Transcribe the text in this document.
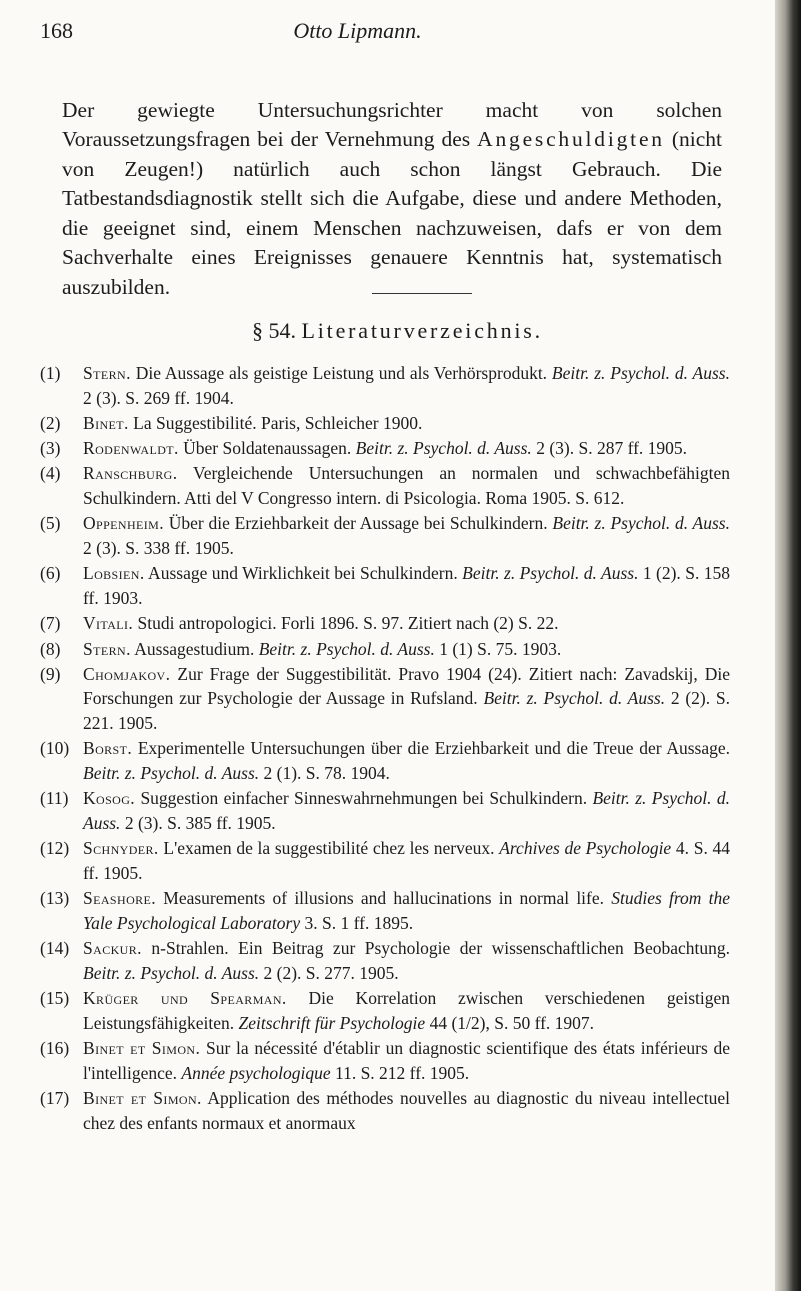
168	Otto Lipmann.

Der gewiegte Untersuchungsrichter macht von solchen Voraussetzungsfragen bei der Vernehmung des Angeschuldigten (nicht von Zeugen!) natürlich auch schon längst Gebrauch. Die Tatbestandsdiagnostik stellt sich die Aufgabe, diese und andere Methoden, die geeignet sind, einem Menschen nachzuweisen, dafs er von dem Sachverhalte eines Ereignisses genauere Kenntnis hat, systematisch auszubilden.

§ 54. Literaturverzeichnis.
(1) Stern. Die Aussage als geistige Leistung und als Verhörsprodukt. Beitr. z. Psychol. d. Auss. 2 (3). S. 269 ff. 1904.
(2) Binet. La Suggestibilité. Paris, Schleicher 1900.
(3) Rodenwaldt. Über Soldatenaussagen. Beitr. z. Psychol. d. Auss. 2 (3). S. 287 ff. 1905.
(4) Ranschburg. Vergleichende Untersuchungen an normalen und schwachbefähigten Schulkindern. Atti del V Congresso intern. di Psicologia. Roma 1905. S. 612.
(5) Oppenheim. Über die Erziehbarkeit der Aussage bei Schulkindern. Beitr. z. Psychol. d. Auss. 2 (3). S. 338 ff. 1905.
(6) Lobsien. Aussage und Wirklichkeit bei Schulkindern. Beitr. z. Psychol. d. Auss. 1 (2). S. 158 ff. 1903.
(7) Vitali. Studi antropologici. Forli 1896. S. 97. Zitiert nach (2) S. 22.
(8) Stern. Aussagestudium. Beitr. z. Psychol. d. Auss. 1 (1) S. 75. 1903.
(9) Chomjakov. Zur Frage der Suggestibilität. Pravo 1904 (24). Zitiert nach: Zavadskij, Die Forschungen zur Psychologie der Aussage in Rufsland. Beitr. z. Psychol. d. Auss. 2 (2). S. 221. 1905.
(10) Borst. Experimentelle Untersuchungen über die Erziehbarkeit und die Treue der Aussage. Beitr. z. Psychol. d. Auss. 2 (1). S. 78. 1904.
(11) Kosog. Suggestion einfacher Sinneswahrnehmungen bei Schulkindern. Beitr. z. Psychol. d. Auss. 2 (3). S. 385 ff. 1905.
(12) Schnyder. L'examen de la suggestibilité chez les nerveux. Archives de Psychologie 4. S. 44 ff. 1905.
(13) Seashore. Measurements of illusions and hallucinations in normal life. Studies from the Yale Psychological Laboratory 3. S. 1 ff. 1895.
(14) Sackur. n-Strahlen. Ein Beitrag zur Psychologie der wissenschaftlichen Beobachtung. Beitr. z. Psychol. d. Auss. 2 (2). S. 277. 1905.
(15) Krüger und Spearman. Die Korrelation zwischen verschiedenen geistigen Leistungsfähigkeiten. Zeitschrift für Psychologie 44 (1/2), S. 50 ff. 1907.
(16) Binet et Simon. Sur la nécessité d'établir un diagnostic scientifique des états inférieurs de l'intelligence. Année psychologique 11. S. 212 ff. 1905.
(17) Binet et Simon. Application des méthodes nouvelles au diagnostic du niveau intellectuel chez des enfants normaux et anormaux
